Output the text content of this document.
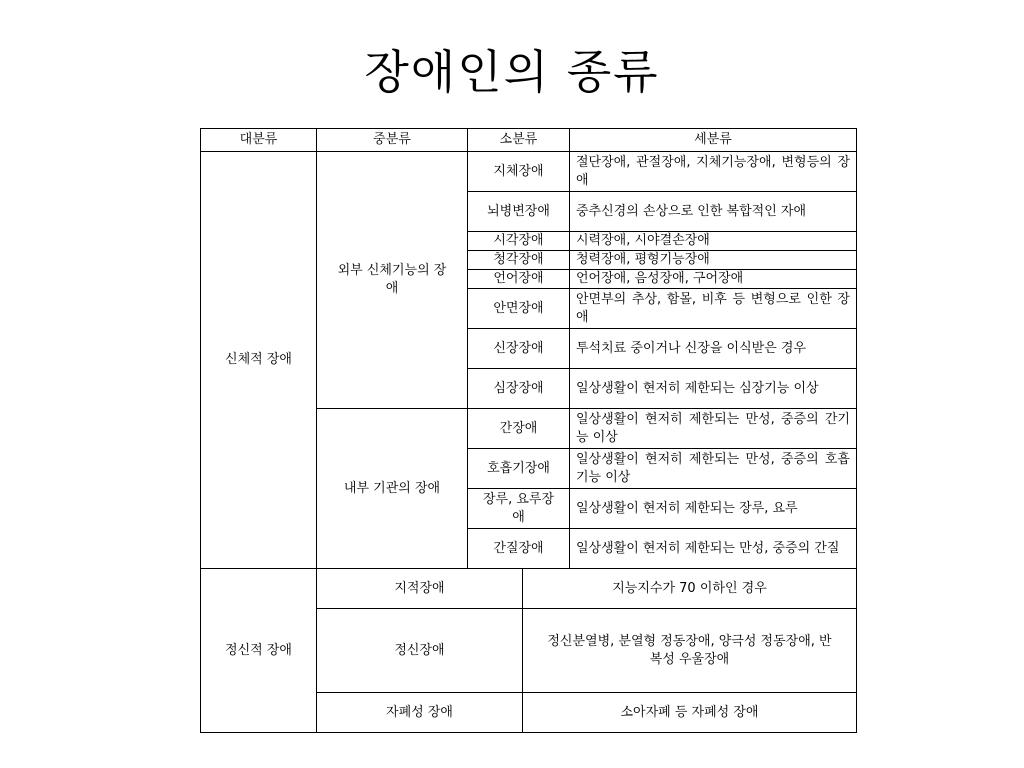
장애인의 종류
대분류	중분류	소분류		세분류
신체적 장애	외부 신체기능의 장애	지체장애		절단장애, 관절장애, 지체기능장애, 변형등의 장애
		뇌병변장애		중추신경의 손상으로 인한 복합적인 자애
		시각장애		시력장애, 시야결손장애
		청각장애		청력장애, 평형기능장애
		언어장애		언어장애, 음성장애, 구어장애
		안면장애		안면부의 추상, 함몰, 비후 등 변형으로 인한 장애
		신장장애		투석치료 중이거나 신장을 이식받은 경우
		심장장애		일상생활이 현저히 제한되는 심장기능 이상
	내부 기관의 장애	간장애		일상생활이 현저히 제한되는 만성, 중증의 간기능 이상
		호흡기장애		일상생활이 현저히 제한되는 만성, 중증의 호흡기능 이상

		장루, 요루장애		일상생활이 현저히 제한되는 장루, 요루
		간질장애		일상생활이 현저히 제한되는 만성, 중증의 간질
정신적 장애	지적장애		지능지수가 70 이하인 경우	
	정신장애		정신분열병, 분열형 정동장애, 양극성 정동장애, 반복성 우울장애	

	자폐성 장애		소아자폐 등 자폐성 장애	
